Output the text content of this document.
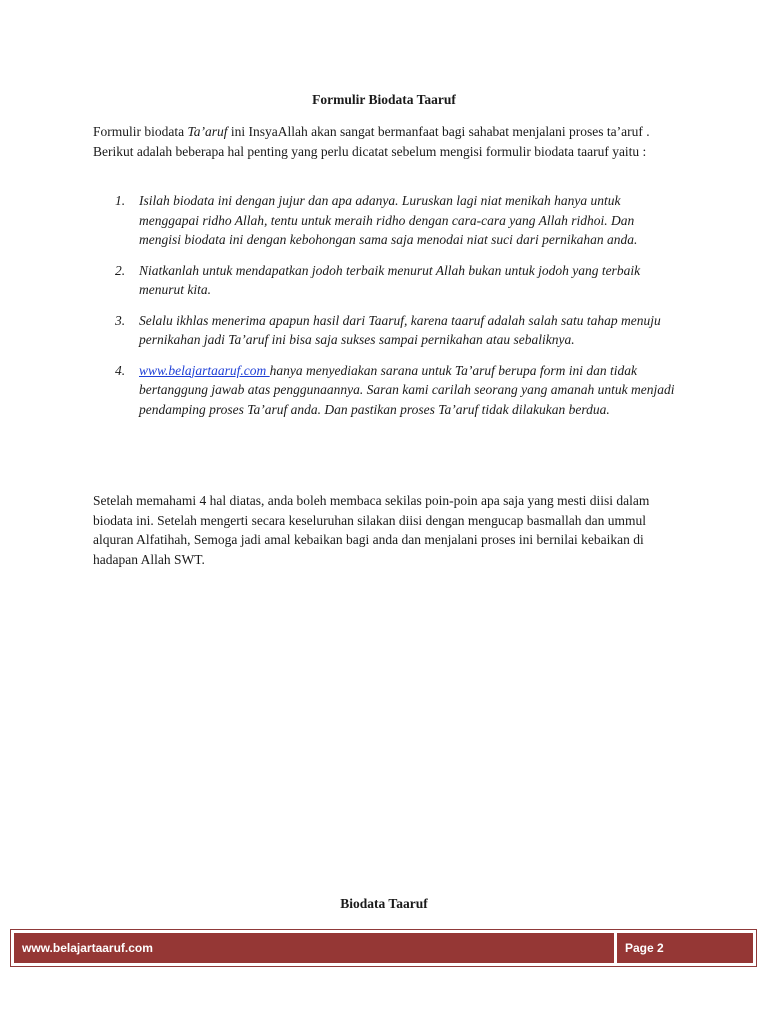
Formulir Biodata Taaruf
Formulir biodata Ta’aruf ini InsyaAllah akan sangat bermanfaat bagi sahabat menjalani proses ta’aruf . Berikut adalah beberapa hal penting yang perlu dicatat sebelum mengisi formulir biodata taaruf yaitu :
1. Isilah biodata ini dengan jujur dan apa adanya. Luruskan lagi niat menikah hanya untuk menggapai ridho Allah, tentu untuk meraih ridho dengan cara-cara yang Allah ridhoi. Dan mengisi biodata ini dengan kebohongan sama saja menodai niat suci dari pernikahan anda.
2. Niatkanlah untuk mendapatkan jodoh terbaik menurut Allah bukan untuk jodoh yang terbaik menurut kita.
3. Selalu ikhlas menerima apapun hasil dari Taaruf, karena taaruf adalah salah satu tahap menuju pernikahan jadi Ta’aruf ini bisa saja sukses sampai pernikahan atau sebaliknya.
4. www.belajartaaruf.com hanya menyediakan sarana untuk Ta’aruf berupa form ini dan tidak bertanggung jawab atas penggunaannya. Saran kami carilah seorang yang amanah untuk menjadi pendamping proses Ta’aruf anda. Dan pastikan proses Ta’aruf tidak dilakukan berdua.
Setelah memahami 4 hal diatas, anda boleh membaca sekilas poin-poin apa saja yang mesti diisi dalam biodata ini. Setelah mengerti secara keseluruhan silakan diisi dengan mengucap basmallah dan ummul alquran Alfatihah, Semoga jadi amal kebaikan bagi anda dan menjalani proses ini bernilai kebaikan di hadapan Allah SWT.
Biodata Taaruf
www.belajartaaruf.com	Page 2
